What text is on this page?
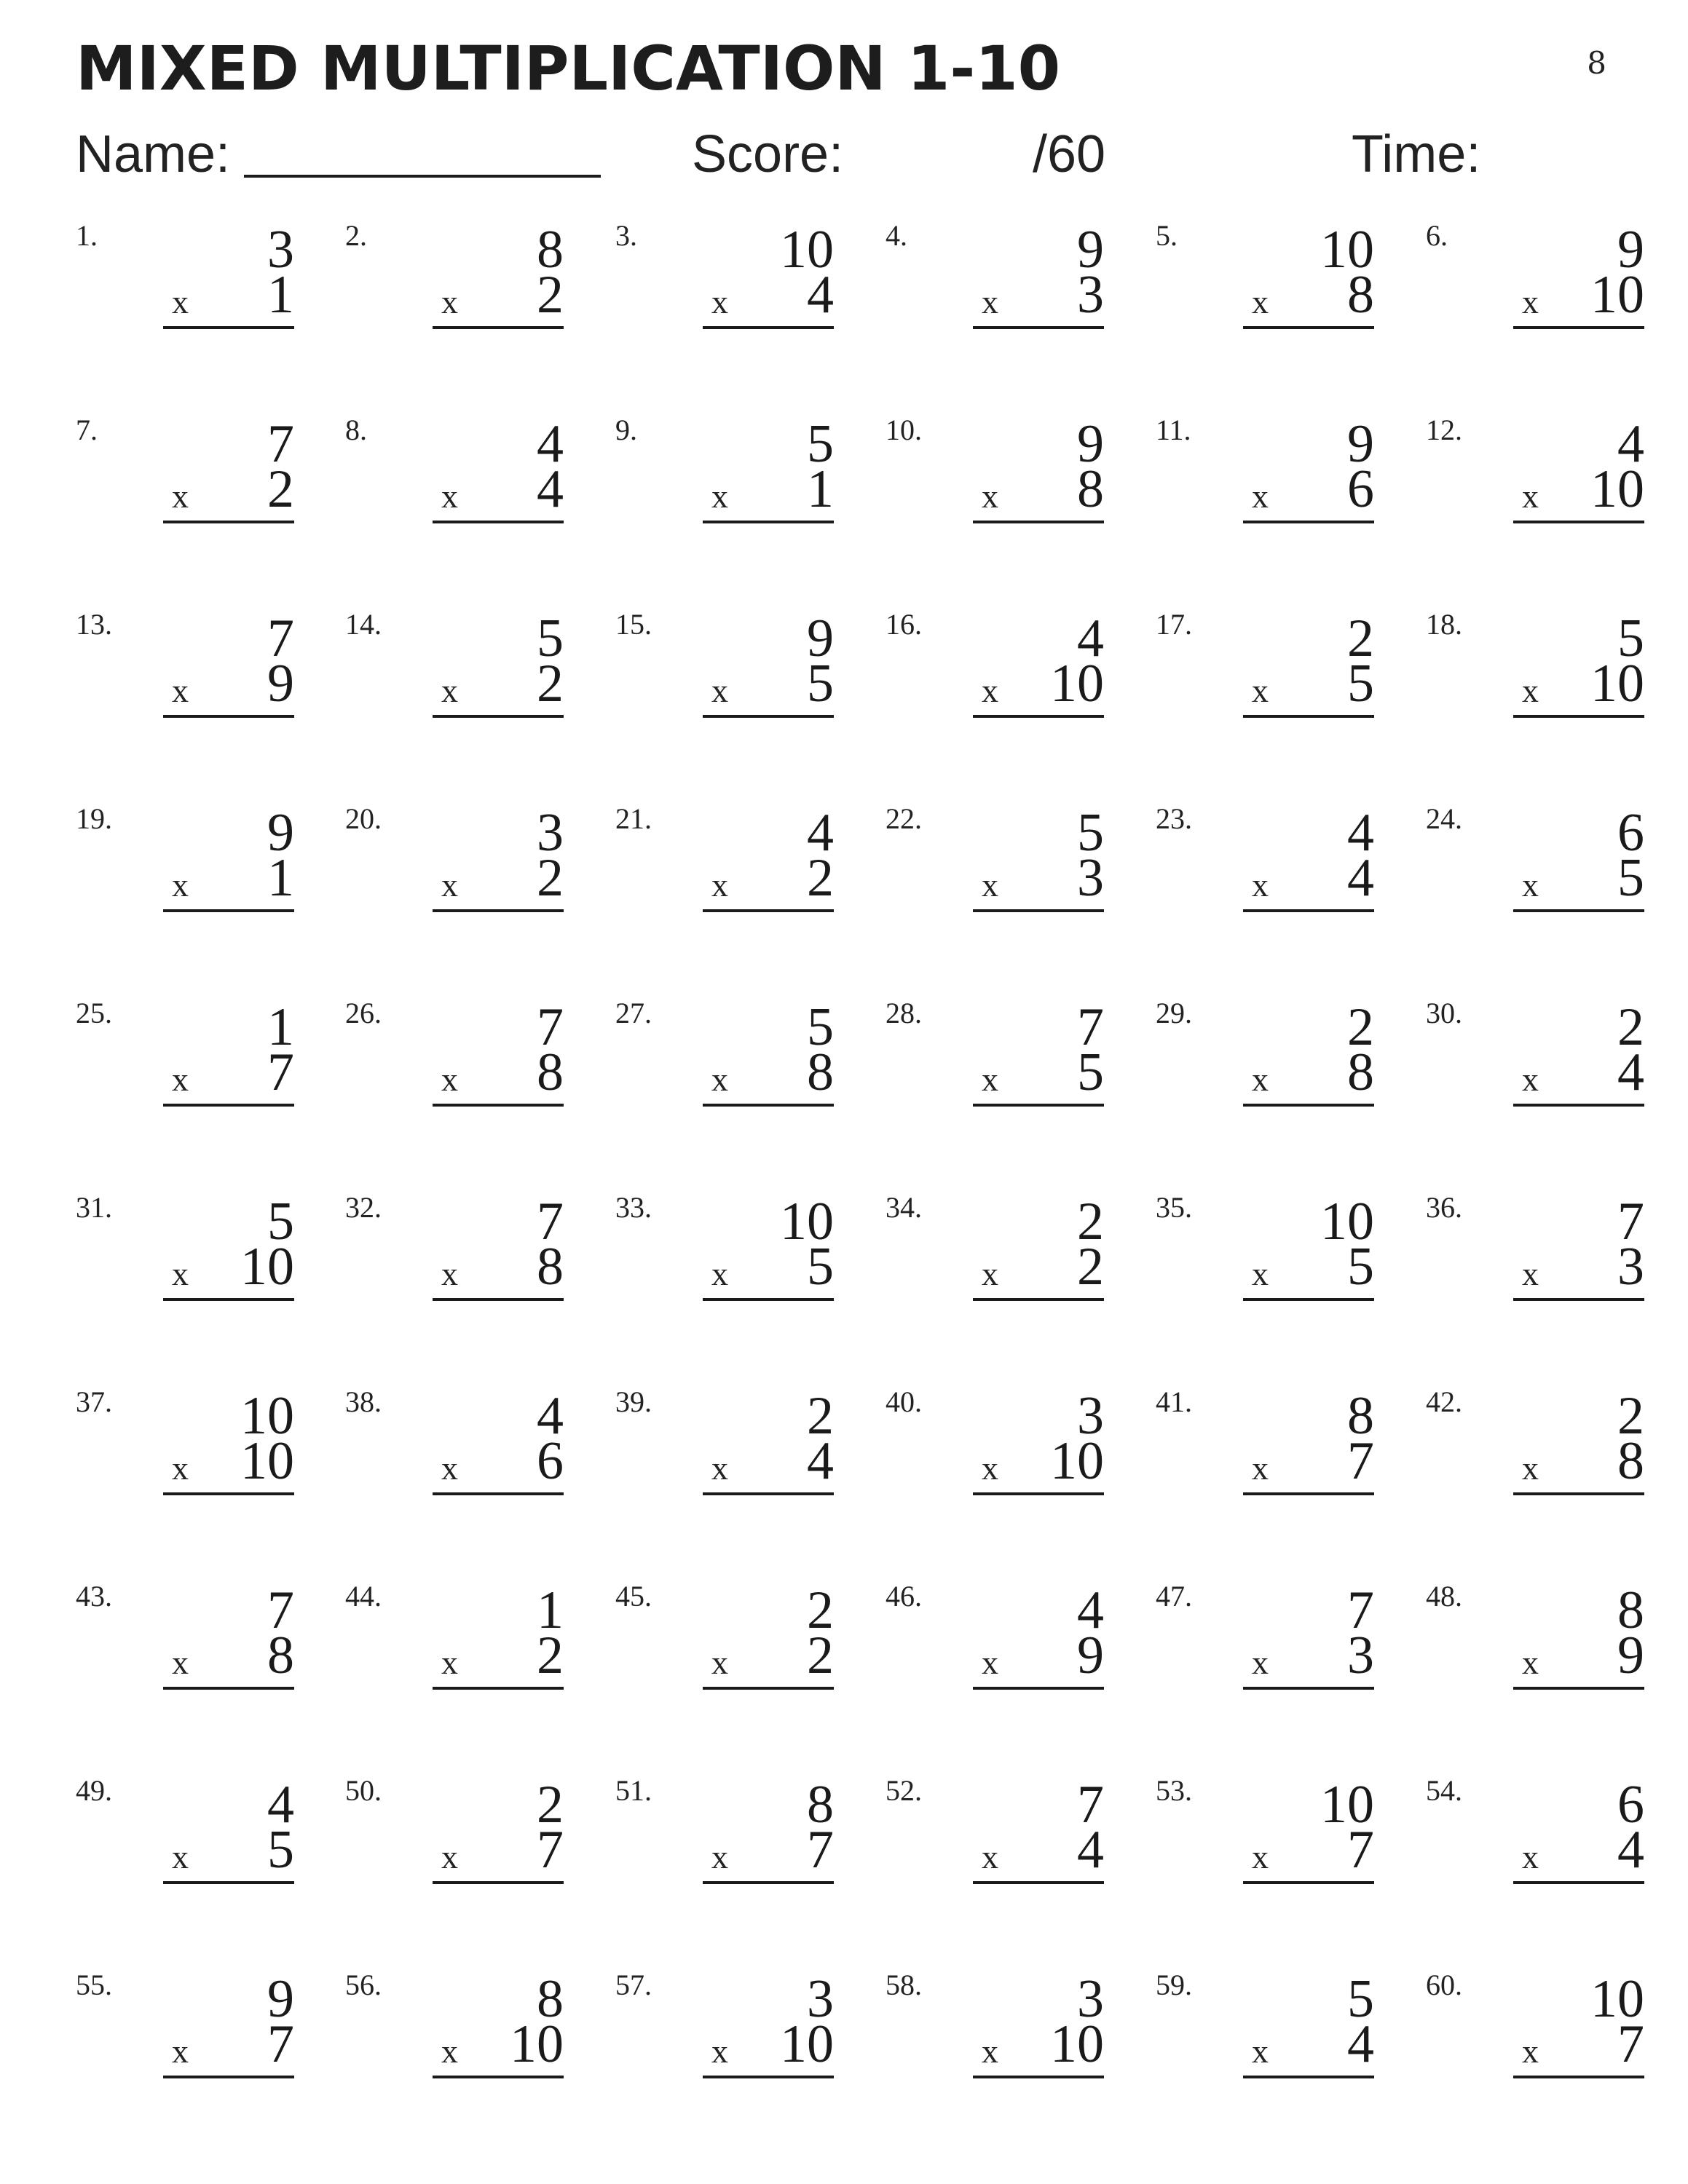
MIXED MULTIPLICATION 1-10	8
Name:	Score:	/60	Time:
1.	3
x 1
2.	8
x 2
3.	10
x 4
4.	9
x 3
5.	10
x 8
6.	9
x 10
7.	7
x 2
8.	4
x 4
9.	5
x 1
10.	9
x 8
11.	9
x 6
12.	4
x 10
13.	7
x 9
14.	5
x 2
15.	9
x 5
16.	4
x 10
17.	2
x 5
18.	5
x 10
19.	9
x 1
20.	3
x 2
21.	4
x 2
22.	5
x 3
23.	4
x 4
24.	6
x 5
25.	1
x 7
26.	7
x 8
27.	5
x 8
28.	7
x 5
29.	2
x 8
30.	2
x 4
31.	5
x 10
32.	7
x 8
33.	10
x 5
34.	2
x 2
35.	10
x 5
36.	7
x 3
37.	10
x 10
38.	4
x 6
39.	2
x 4
40.	3
x 10
41.	8
x 7
42.	2
x 8
43.	7
x 8
44.	1
x 2
45.	2
x 2
46.	4
x 9
47.	7
x 3
48.	8
x 9
49.	4
x 5
50.	2
x 7
51.	8
x 7
52.	7
x 4
53.	10
x 7
54.	6
x 4
55.	9
x 7
56.	8
x 10
57.	3
x 10
58.	3
x 10
59.	5
x 4
60.	10
x 7
